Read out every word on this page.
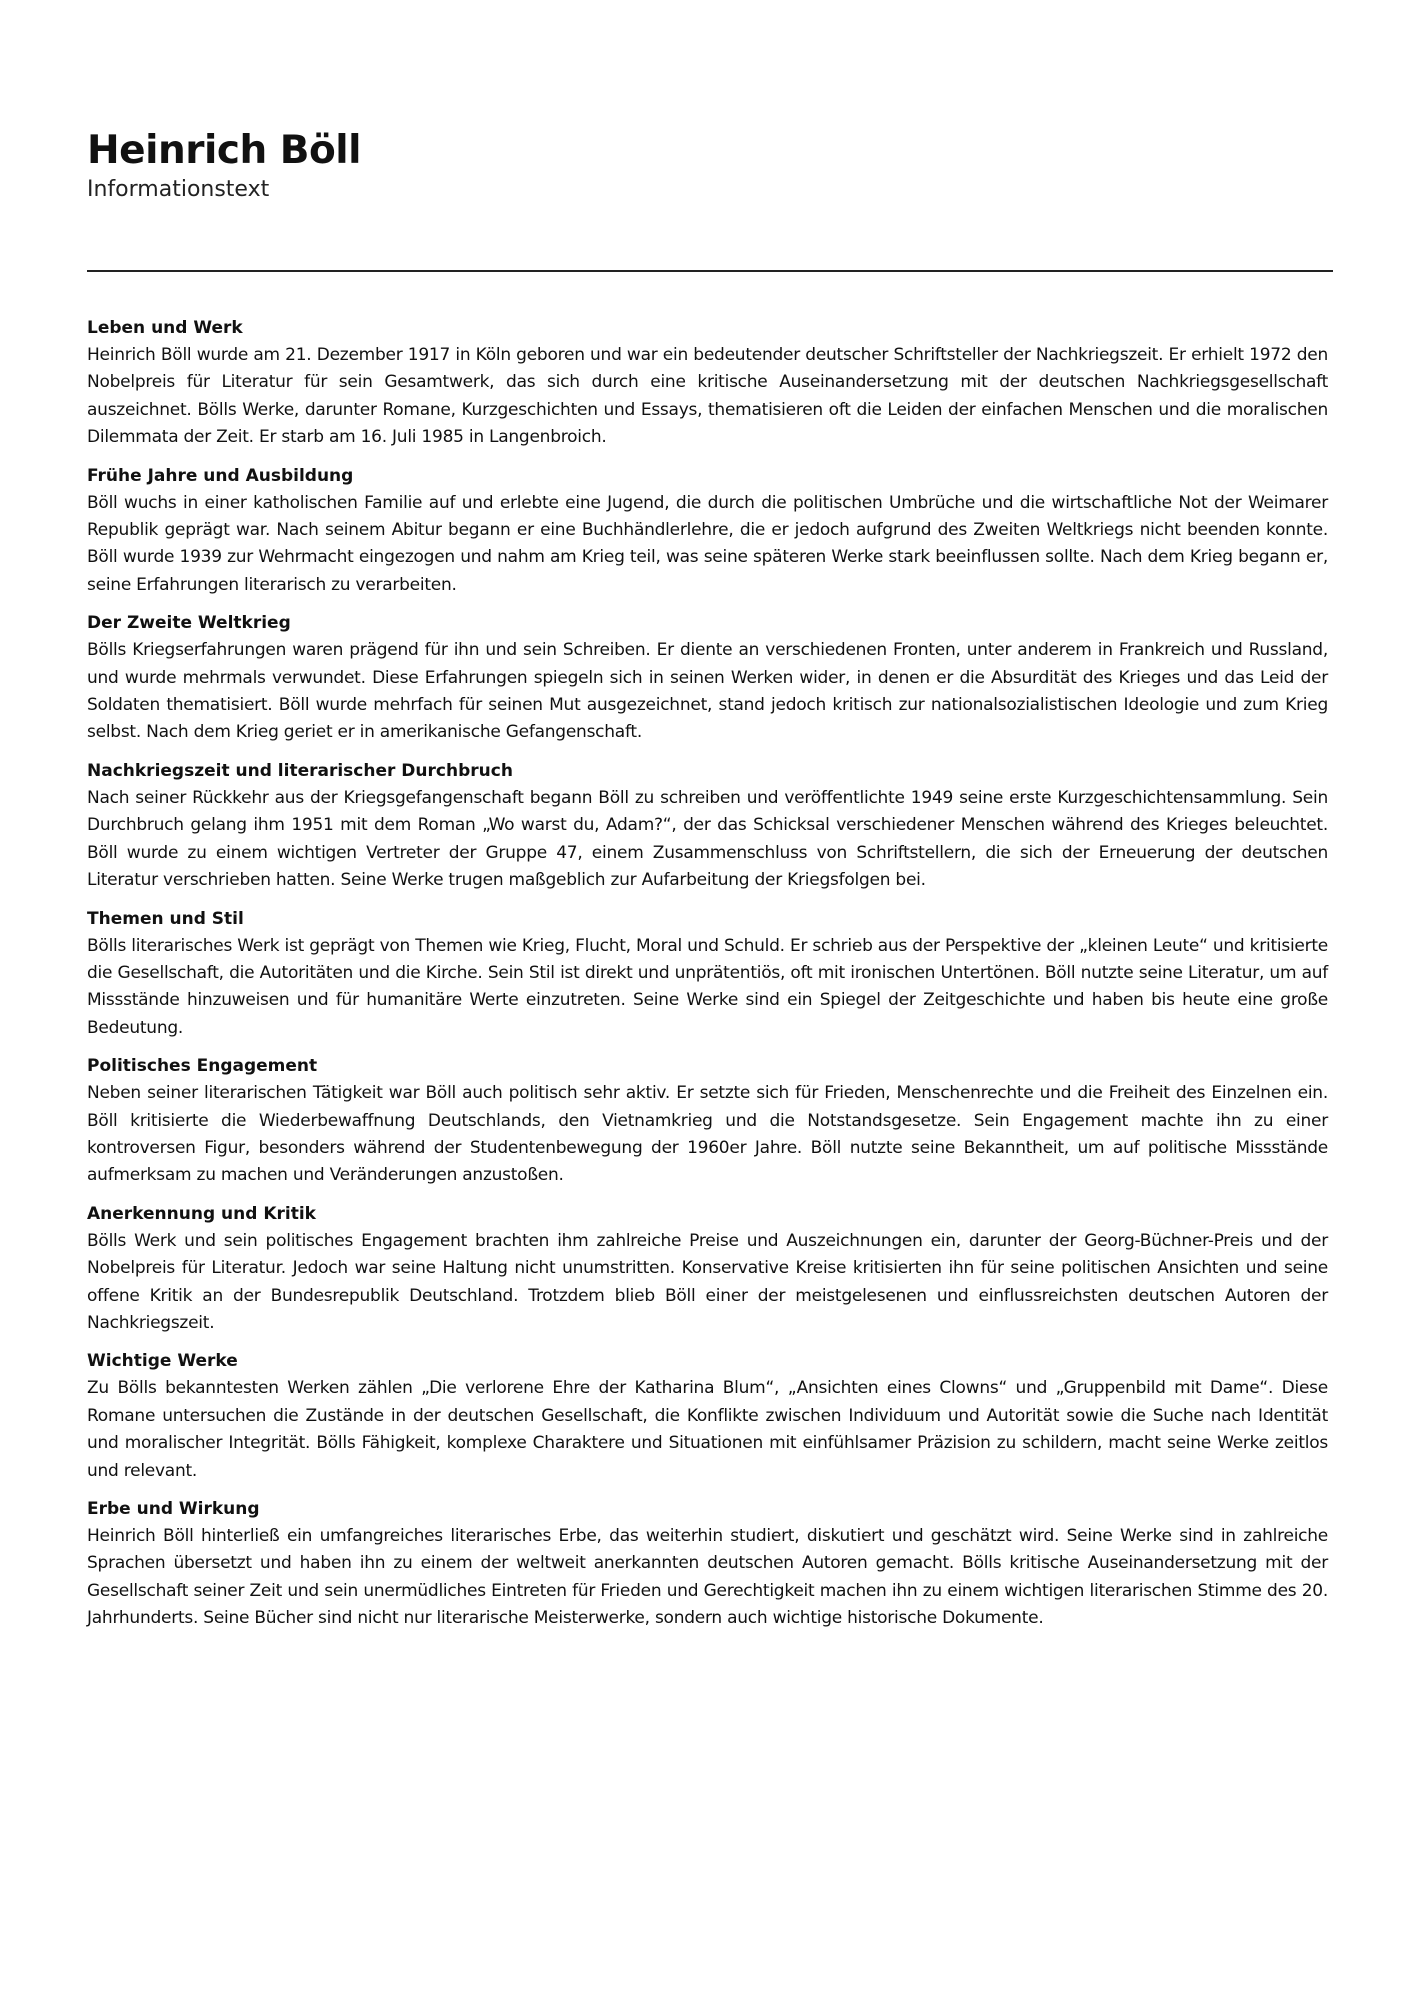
Heinrich Böll

Informationstext

Leben und Werk

Heinrich Böll wurde am 21. Dezember 1917 in Köln geboren und war ein bedeutender deutscher Schriftsteller der Nachkriegszeit. Er erhielt 1972 den Nobelpreis für Literatur für sein Gesamtwerk, das sich durch eine kritische Auseinandersetzung mit der deutschen Nachkriegsgesellschaft auszeichnet. Bölls Werke, darunter Romane, Kurzgeschichten und Essays, thematisieren oft die Leiden der einfachen Menschen und die moralischen Dilemmata der Zeit. Er starb am 16. Juli 1985 in Langenbroich.

Frühe Jahre und Ausbildung

Böll wuchs in einer katholischen Familie auf und erlebte eine Jugend, die durch die politischen Umbrüche und die wirtschaftliche Not der Weimarer Republik geprägt war. Nach seinem Abitur begann er eine Buchhändlerlehre, die er jedoch aufgrund des Zweiten Weltkriegs nicht beenden konnte. Böll wurde 1939 zur Wehrmacht eingezogen und nahm am Krieg teil, was seine späteren Werke stark beeinflussen sollte. Nach dem Krieg begann er, seine Erfahrungen literarisch zu verarbeiten.

Der Zweite Weltkrieg

Bölls Kriegserfahrungen waren prägend für ihn und sein Schreiben. Er diente an verschiedenen Fronten, unter anderem in Frankreich und Russland, und wurde mehrmals verwundet. Diese Erfahrungen spiegeln sich in seinen Werken wider, in denen er die Absurdität des Krieges und das Leid der Soldaten thematisiert. Böll wurde mehrfach für seinen Mut ausgezeichnet, stand jedoch kritisch zur nationalsozialistischen Ideologie und zum Krieg selbst. Nach dem Krieg geriet er in amerikanische Gefangenschaft.

Nachkriegszeit und literarischer Durchbruch

Nach seiner Rückkehr aus der Kriegsgefangenschaft begann Böll zu schreiben und veröffentlichte 1949 seine erste Kurzgeschichtensammlung. Sein Durchbruch gelang ihm 1951 mit dem Roman „Wo warst du, Adam?“, der das Schicksal verschiedener Menschen während des Krieges beleuchtet. Böll wurde zu einem wichtigen Vertreter der Gruppe 47, einem Zusammenschluss von Schriftstellern, die sich der Erneuerung der deutschen Literatur verschrieben hatten. Seine Werke trugen maßgeblich zur Aufarbeitung der Kriegsfolgen bei.

Themen und Stil

Bölls literarisches Werk ist geprägt von Themen wie Krieg, Flucht, Moral und Schuld. Er schrieb aus der Perspektive der „kleinen Leute“ und kritisierte die Gesellschaft, die Autoritäten und die Kirche. Sein Stil ist direkt und unprätentiös, oft mit ironischen Untertönen. Böll nutzte seine Literatur, um auf Missstände hinzuweisen und für humanitäre Werte einzutreten. Seine Werke sind ein Spiegel der Zeitgeschichte und haben bis heute eine große Bedeutung.

Politisches Engagement

Neben seiner literarischen Tätigkeit war Böll auch politisch sehr aktiv. Er setzte sich für Frieden, Menschenrechte und die Freiheit des Einzelnen ein. Böll kritisierte die Wiederbewaffnung Deutschlands, den Vietnamkrieg und die Notstandsgesetze. Sein Engagement machte ihn zu einer kontroversen Figur, besonders während der Studentenbewegung der 1960er Jahre. Böll nutzte seine Bekanntheit, um auf politische Missstände aufmerksam zu machen und Veränderungen anzustoßen.

Anerkennung und Kritik

Bölls Werk und sein politisches Engagement brachten ihm zahlreiche Preise und Auszeichnungen ein, darunter der Georg-Büchner-Preis und der Nobelpreis für Literatur. Jedoch war seine Haltung nicht unumstritten. Konservative Kreise kritisierten ihn für seine politischen Ansichten und seine offene Kritik an der Bundesrepublik Deutschland. Trotzdem blieb Böll einer der meistgelesenen und einflussreichsten deutschen Autoren der Nachkriegszeit.

Wichtige Werke

Zu Bölls bekanntesten Werken zählen „Die verlorene Ehre der Katharina Blum“, „Ansichten eines Clowns“ und „Gruppenbild mit Dame“. Diese Romane untersuchen die Zustände in der deutschen Gesellschaft, die Konflikte zwischen Individuum und Autorität sowie die Suche nach Identität und moralischer Integrität. Bölls Fähigkeit, komplexe Charaktere und Situationen mit einfühlsamer Präzision zu schildern, macht seine Werke zeitlos und relevant.

Erbe und Wirkung

Heinrich Böll hinterließ ein umfangreiches literarisches Erbe, das weiterhin studiert, diskutiert und geschätzt wird. Seine Werke sind in zahlreiche Sprachen übersetzt und haben ihn zu einem der weltweit anerkannten deutschen Autoren gemacht. Bölls kritische Auseinandersetzung mit der Gesellschaft seiner Zeit und sein unermüdliches Eintreten für Frieden und Gerechtigkeit machen ihn zu einem wichtigen literarischen Stimme des 20. Jahrhunderts. Seine Bücher sind nicht nur literarische Meisterwerke, sondern auch wichtige historische Dokumente.
